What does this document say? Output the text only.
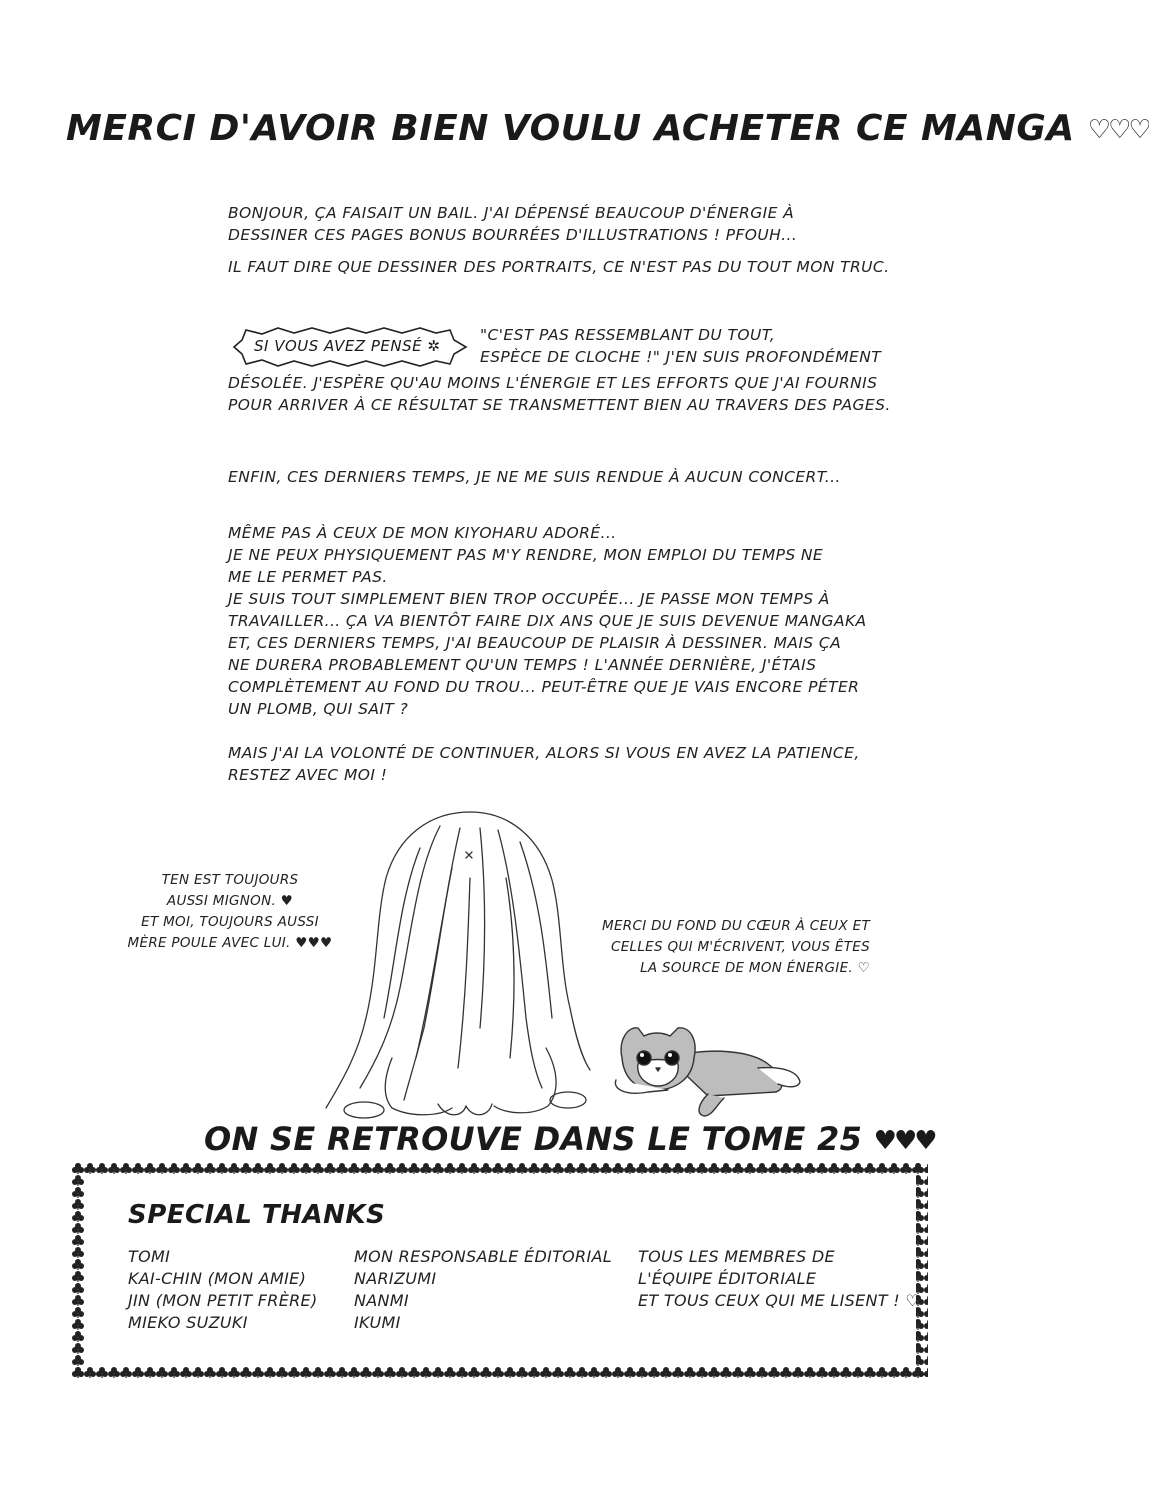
MERCI D'AVOIR BIEN VOULU ACHETER CE MANGA ♡♡♡
BONJOUR, ÇA FAISAIT UN BAIL. J'AI DÉPENSÉ BEAUCOUP D'ÉNERGIE À
DESSINER CES PAGES BONUS BOURRÉES D'ILLUSTRATIONS ! PFOUH...
IL FAUT DIRE QUE DESSINER DES PORTRAITS, CE N'EST PAS DU TOUT MON TRUC.
SI VOUS AVEZ PENSÉ ✲
"C'EST PAS RESSEMBLANT DU TOUT,
ESPÈCE DE CLOCHE !" J'EN SUIS PROFONDÉMENT
DÉSOLÉE. J'ESPÈRE QU'AU MOINS L'ÉNERGIE ET LES EFFORTS QUE J'AI FOURNIS
POUR ARRIVER À CE RÉSULTAT SE TRANSMETTENT BIEN AU TRAVERS DES PAGES.
ENFIN, CES DERNIERS TEMPS, JE NE ME SUIS RENDUE À AUCUN CONCERT...
MÊME PAS À CEUX DE MON KIYOHARU ADORÉ...
JE NE PEUX PHYSIQUEMENT PAS M'Y RENDRE, MON EMPLOI DU TEMPS NE
ME LE PERMET PAS.
JE SUIS TOUT SIMPLEMENT BIEN TROP OCCUPÉE... JE PASSE MON TEMPS À
TRAVAILLER... ÇA VA BIENTÔT FAIRE DIX ANS QUE JE SUIS DEVENUE MANGAKA
ET, CES DERNIERS TEMPS, J'AI BEAUCOUP DE PLAISIR À DESSINER. MAIS ÇA
NE DURERA PROBABLEMENT QU'UN TEMPS ! L'ANNÉE DERNIÈRE, J'ÉTAIS
COMPLÈTEMENT AU FOND DU TROU... PEUT-ÊTRE QUE JE VAIS ENCORE PÉTER
UN PLOMB, QUI SAIT ?
MAIS J'AI LA VOLONTÉ DE CONTINUER, ALORS SI VOUS EN AVEZ LA PATIENCE,
RESTEZ AVEC MOI !
TEN EST TOUJOURS
AUSSI MIGNON. ♥
ET MOI, TOUJOURS AUSSI
MÈRE POULE AVEC LUI. ♥♥♥
MERCI DU FOND DU CŒUR À CEUX ET
CELLES QUI M'ÉCRIVENT, VOUS ÊTES
LA SOURCE DE MON ÉNERGIE. ♡
ON SE RETROUVE DANS LE TOME 25 ♥♥♥
SPECIAL THANKS
TOMI
KAI-CHIN (MON AMIE)
JIN (MON PETIT FRÈRE)
MIEKO SUZUKI
MON RESPONSABLE ÉDITORIAL
NARIZUMI
NANMI
IKUMI
TOUS LES MEMBRES DE
L'ÉQUIPE ÉDITORIALE
ET TOUS CEUX QUI ME LISENT ! ♡
